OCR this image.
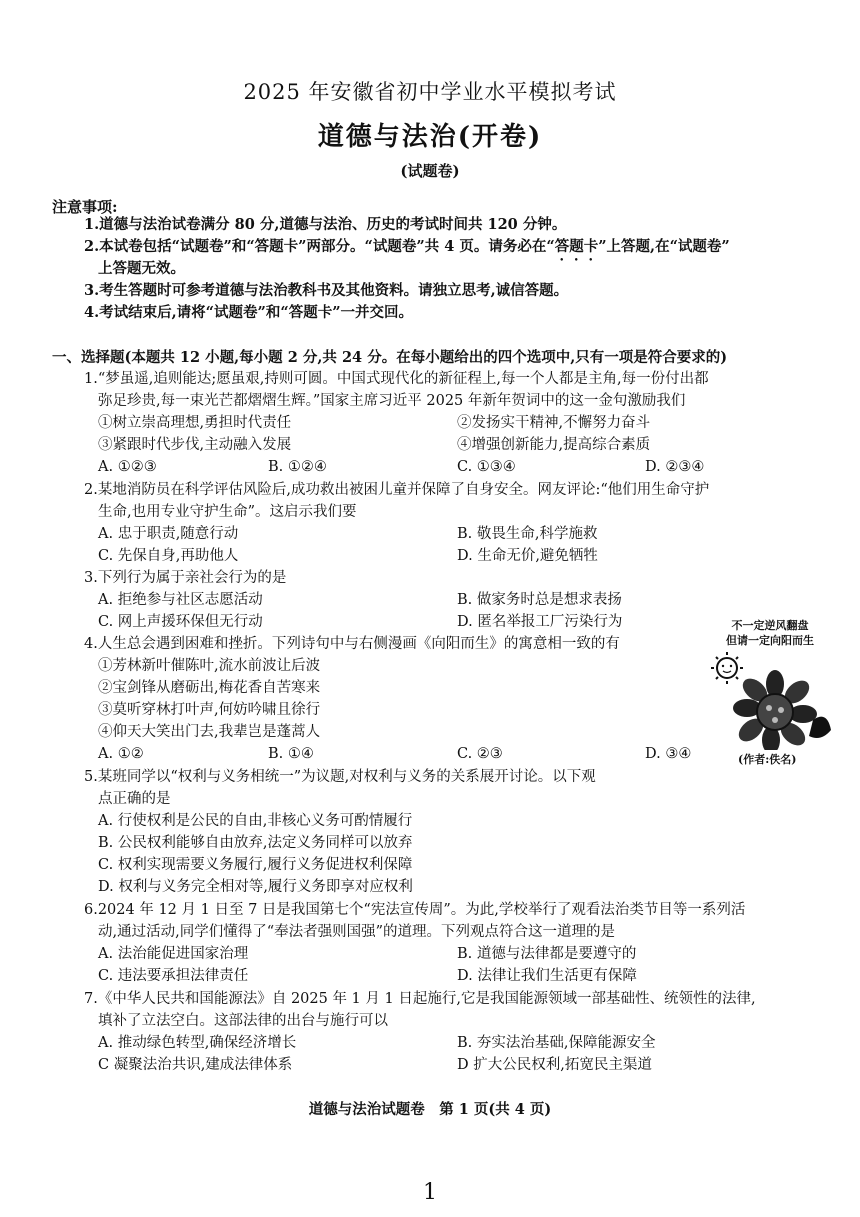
2025 年安徽省初中学业水平模拟考试
道德与法治(开卷)
(试题卷)
注意事项:
1.道德与法治试卷满分 80 分,道德与法治、历史的考试时间共 120 分钟。
2.本试卷包括“试题卷”和“答题卡”两部分。“试题卷”共 4 页。请务必在“答题卡”上答题,在“试题卷”
上答题无效。
3.考生答题时可参考道德与法治教科书及其他资料。请独立思考,诚信答题。
4.考试结束后,请将“试题卷”和“答题卡”一并交回。
一、选择题(本题共 12 小题,每小题 2 分,共 24 分。在每小题给出的四个选项中,只有一项是符合要求的)
1.“梦虽遥,追则能达;愿虽艰,持则可圆。中国式现代化的新征程上,每一个人都是主角,每一份付出都
弥足珍贵,每一束光芒都熠熠生辉。”国家主席习近平 2025 年新年贺词中的这一金句激励我们
①树立崇高理想,勇担时代责任	②发扬实干精神,不懈努力奋斗
③紧跟时代步伐,主动融入发展	④增强创新能力,提高综合素质
A. ①②③	B. ①②④	C. ①③④	D. ②③④
2.某地消防员在科学评估风险后,成功救出被困儿童并保障了自身安全。网友评论:“他们用生命守护
生命,也用专业守护生命”。这启示我们要
A. 忠于职责,随意行动	B. 敬畏生命,科学施救
C. 先保自身,再助他人	D. 生命无价,避免牺牲
3.下列行为属于亲社会行为的是
A. 拒绝参与社区志愿活动	B. 做家务时总是想求表扬
C. 网上声援环保但无行动	D. 匿名举报工厂污染行为
4.人生总会遇到困难和挫折。下列诗句中与右侧漫画《向阳而生》的寓意相一致的有
①芳林新叶催陈叶,流水前波让后波
②宝剑锋从磨砺出,梅花香自苦寒来
③莫听穿林打叶声,何妨吟啸且徐行
④仰天大笑出门去,我辈岂是蓬蒿人
A. ①②	B. ①④	C. ②③	D. ③④
不一定逆风翻盘
但请一定向阳而生
(作者:佚名)
5.某班同学以“权利与义务相统一”为议题,对权利与义务的关系展开讨论。以下观
点正确的是
A. 行使权利是公民的自由,非核心义务可酌情履行
B. 公民权利能够自由放弃,法定义务同样可以放弃
C. 权利实现需要义务履行,履行义务促进权利保障
D. 权利与义务完全相对等,履行义务即享对应权利
6.2024 年 12 月 1 日至 7 日是我国第七个“宪法宣传周”。为此,学校举行了观看法治类节目等一系列活
动,通过活动,同学们懂得了“奉法者强则国强”的道理。下列观点符合这一道理的是
A. 法治能促进国家治理	B. 道德与法律都是要遵守的
C. 违法要承担法律责任	D. 法律让我们生活更有保障
7.《中华人民共和国能源法》自 2025 年 1 月 1 日起施行,它是我国能源领域一部基础性、统领性的法律,
填补了立法空白。这部法律的出台与施行可以
A. 推动绿色转型,确保经济增长	B. 夯实法治基础,保障能源安全
C 凝聚法治共识,建成法律体系	D 扩大公民权利,拓宽民主渠道
道德与法治试题卷　第 1 页(共 4 页)
1
